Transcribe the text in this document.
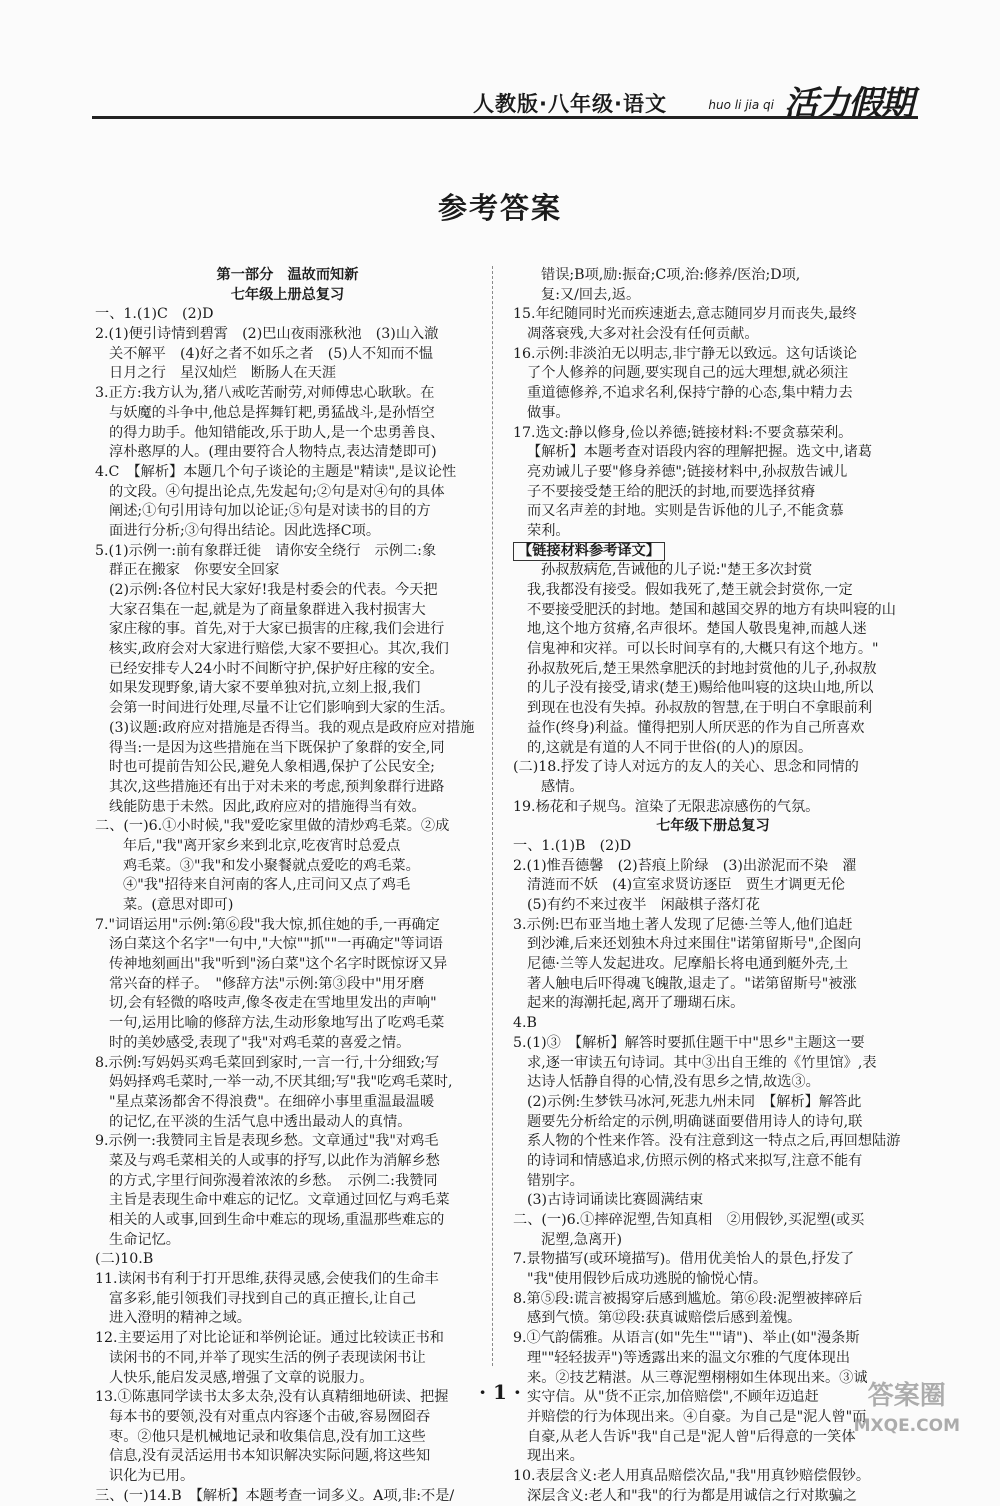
人教版·八年级·语文	huo li jia qi 活力假期
参考答案
第一部分　温故而知新
七年级上册总复习
一、1.(1)C　(2)D
2.(1)便引诗情到碧霄　(2)巴山夜雨涨秋池　(3)山入澈
关不解平　(4)好之者不如乐之者　(5)人不知而不愠
日月之行　星汉灿烂　断肠人在天涯
3.正方:我方认为,猪八戒吃苦耐劳,对师傅忠心耿耿。在
与妖魔的斗争中,他总是挥舞钉耙,勇猛战斗,是孙悟空
的得力助手。他知错能改,乐于助人,是一个忠勇善良、
淳朴憨厚的人。(理由要符合人物特点,表达清楚即可)
4.C　【解析】本题几个句子谈论的主题是"精读",是议论性
的文段。④句提出论点,先发起句;②句是对④句的具体
阐述;①句引用诗句加以论证;⑤句是对读书的目的方
面进行分析;③句得出结论。因此选择C项。
5.(1)示例一:前有象群迁徙　请你安全绕行　示例二:象
群正在搬家　你要安全回家
(2)示例:各位村民大家好!我是村委会的代表。今天把
大家召集在一起,就是为了商量象群进入我村损害大
家庄稼的事。首先,对于大家已损害的庄稼,我们会进行
核实,政府会对大家进行赔偿,大家不要担心。其次,我们
已经安排专人24小时不间断守护,保护好庄稼的安全。
如果发现野象,请大家不要单独对抗,立刻上报,我们
会第一时间进行处理,尽量不让它们影响到大家的生活。
(3)议题:政府应对措施是否得当。我的观点是政府应对措施
得当:一是因为这些措施在当下既保护了象群的安全,同
时也可提前告知公民,避免人象相遇,保护了公民安全;
其次,这些措施还有出于对未来的考虑,预判象群行进路
线能防患于未然。因此,政府应对的措施得当有效。
二、(一)6.①小时候,"我"爱吃家里做的清炒鸡毛菜。②成
年后,"我"离开家乡来到北京,吃夜宵时总爱点
鸡毛菜。③"我"和发小聚餐就点爱吃的鸡毛菜。
④"我"招待来自河南的客人,庄司问又点了鸡毛
菜。(意思对即可)
7."词语运用"示例:第⑥段"我大惊,抓住她的手,一再确定
汤白菜这个名字"一句中,"大惊""抓""一再确定"等词语
传神地刻画出"我"听到"汤白菜"这个名字时既惊讶又异
常兴奋的样子。　"修辞方法"示例:第③段中"用牙磨
切,会有轻微的咯吱声,像冬夜走在雪地里发出的声响"
一句,运用比喻的修辞方法,生动形象地写出了吃鸡毛菜
时的美妙感受,表现了"我"对鸡毛菜的喜爱之情。
8.示例:写妈妈买鸡毛菜回到家时,一言一行,十分细致;写
妈妈择鸡毛菜时,一举一动,不厌其细;写"我"吃鸡毛菜时,
"星点菜汤都舍不得浪费"。在细碎小事里重温最温暖
的记忆,在平淡的生活气息中透出最动人的真情。
9.示例一:我赞同主旨是表现乡愁。文章通过"我"对鸡毛
菜及与鸡毛菜相关的人或事的抒写,以此作为消解乡愁
的方式,字里行间弥漫着浓浓的乡愁。　示例二:我赞同
主旨是表现生命中难忘的记忆。文章通过回忆与鸡毛菜
相关的人或事,回到生命中难忘的现场,重温那些难忘的
生命记忆。
(二)10.B
11.读闲书有利于打开思维,获得灵感,会使我们的生命丰
富多彩,能引领我们寻找到自己的真正擅长,让自己
进入澄明的精神之域。
12.主要运用了对比论证和举例论证。通过比较读正书和
读闲书的不同,并举了现实生活的例子表现读闲书让
人快乐,能启发灵感,增强了文章的说服力。
13.①陈惠同学读书太多太杂,没有认真精细地研读、把握
每本书的要领,没有对重点内容逐个击破,容易囫囵吞
枣。②他只是机械地记录和收集信息,没有加工这些
信息,没有灵活运用书本知识解决实际问题,将这些知
识化为已用。
三、(一)14.B　【解析】本题考查一词多义。A项,非:不是/
错误;B项,励:振奋;C项,治:修养/医治;D项,
复:又/回去,返。
15.年纪随同时光而疾速逝去,意志随同岁月而丧失,最终
凋落衰残,大多对社会没有任何贡献。
16.示例:非淡泊无以明志,非宁静无以致远。这句话谈论
了个人修养的问题,要实现自己的远大理想,就必须注
重道德修养,不追求名利,保持宁静的心态,集中精力去
做事。
17.选文:静以修身,俭以养德;链接材料:不要贪慕荣利。
【解析】本题考查对语段内容的理解把握。选文中,诸葛
亮劝诫儿子要"修身养德";链接材料中,孙叔敖告诫儿
子不要接受楚王给的肥沃的封地,而要选择贫瘠
而又名声差的封地。实则是告诉他的儿子,不能贪慕
荣利。
【链接材料参考译文】
孙叔敖病危,告诫他的儿子说:"楚王多次封赏
我,我都没有接受。假如我死了,楚王就会封赏你,一定
不要接受肥沃的封地。楚国和越国交界的地方有块叫寝的山
地,这个地方贫瘠,名声很坏。楚国人敬畏鬼神,而越人迷
信鬼神和灾祥。可以长时间享有的,大概只有这个地方。"
孙叔敖死后,楚王果然拿肥沃的封地封赏他的儿子,孙叔敖
的儿子没有接受,请求(楚王)赐给他叫寝的这块山地,所以
到现在也没有失掉。孙叔敖的智慧,在于明白不拿眼前利
益作(终身)利益。懂得把别人所厌恶的作为自己所喜欢
的,这就是有道的人不同于世俗(的人)的原因。
(二)18.抒发了诗人对远方的友人的关心、思念和同情的
感情。
19.杨花和子规鸟。渲染了无限悲凉感伤的气氛。
七年级下册总复习
一、1.(1)B　(2)D
2.(1)惟吾德馨　(2)苔痕上阶绿　(3)出淤泥而不染　濯
清涟而不妖　(4)宣室求贤访逐臣　贾生才调更无伦
(5)有约不来过夜半　闲敲棋子落灯花
3.示例:巴布亚当地土著人发现了尼德·兰等人,他们追赶
到沙滩,后来还划独木舟过来围住"诺第留斯号",企图向
尼德·兰等人发起进攻。尼摩船长将电通到艇外壳,土
著人触电后吓得魂飞魄散,退走了。"诺第留斯号"被涨
起来的海潮托起,离开了珊瑚石床。
4.B
5.(1)③　【解析】解答时要抓住题干中"思乡"主题这一要
求,逐一审读五句诗词。其中③出自王维的《竹里馆》,表
达诗人恬静自得的心情,没有思乡之情,故选③。
(2)示例:生梦铁马冰河,死悲九州未同　【解析】解答此
题要先分析给定的示例,明确谜面要借用诗人的诗句,联
系人物的个性来作答。没有注意到这一特点之后,再回想陆游
的诗词和情感追求,仿照示例的格式来拟写,注意不能有
错别字。
(3)古诗词诵读比赛圆满结束
二、(一)6.①摔碎泥塑,告知真相　②用假钞,买泥塑(或买
泥塑,急离开)
7.景物描写(或环境描写)。借用优美怡人的景色,抒发了
"我"使用假钞后成功逃脱的愉悦心情。
8.第⑤段:谎言被揭穿后感到尴尬。第⑥段:泥塑被摔碎后
感到气愤。第⑫段:获真诚赔偿后感到羞愧。
9.①气韵儒雅。从语言(如"先生""请")、举止(如"漫条斯
理""轻轻拔弄")等透露出来的温文尔雅的气度体现出
来。②技艺精湛。从三尊泥塑栩栩如生体现出来。③诚
实守信。从"货不正宗,加倍赔偿",不顾年迈追赶
并赔偿的行为体现出来。④自豪。为自己是"泥人曾"而
自豪,从老人告诉"我"自己是"泥人曾"后得意的一笑体
现出来。
10.表层含义:老人用真品赔偿次品,"我"用真钞赔偿假钞。
深层含义:老人和"我"的行为都是用诚信之行对欺骗之
· 1 ·	答案圈
MXQE.COM
